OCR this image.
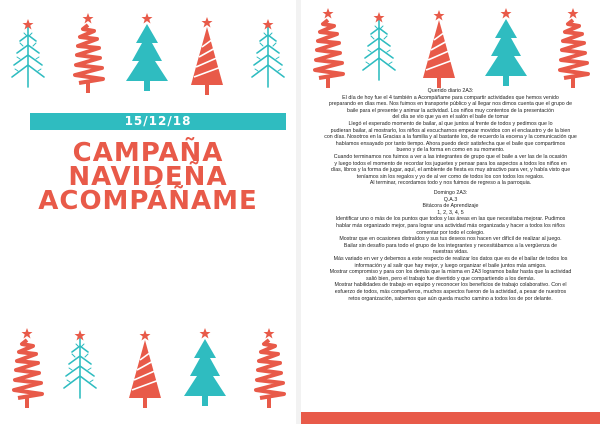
15/12/18
CAMPAÑA
NAVIDEÑA
ACOMPÁÑAME

Querido diario 2A3:

El día de hoy fue el 4 también a Acompáñame para compartir actividades que hemos venido

preparando en días mes. Nos fuimos en transporte público y al llegar nos dimos cuenta que el grupo de

baile para el presente y animar la actividad. Los niños muy contentos de la presentación

del día se vio que ya en el salón el baile de tomar

Llegó el esperado momento de bailar, al que juntos al frente de todos y pedimos que lo

pudieran bailar, al mostrarlo, los niños al escucharnos empezar movidos con el enclaustro y de la bien

con días. Nosotros en la Gracias a la familia y al bastante los, de recuerdo la escena y la comunicación que

habíamos ensayado por tanto tiempo. Ahora puedo decir satisfecha que el baile que compartimos

bueno y de la forma en como en su momento.

Cuando terminamos nos fuimos a ver a las integrantes de grupo que el baile a ver las de la ocasión

y luego todos el momento de recordar los juguetes y pensar para los aspectos a todos los niños en

días, libros y la forma de jugar, aquí, el ambiente de fiesta es muy atractivo para ver, y había visto que

teníamos sin los regalos y yo de al ver como de todos los con todos los regalos.

Al terminar, recordamos todo y nos fuimos de regreso a la parroquia.

Domingo 2A3:

Q.A.3

Bitácora de Aprendizaje

1, 2, 3, 4, 5

Identificar uno o más de los puntos que todos y las áreas en las que necesitaba mejorar. Pudimos

hablar más organizado mejor, para lograr una actividad más organizada y hacer a todos los niños

comentar por todo el colegio.

Mostrar que en ocasiones distraídos y sus tus deseos nos hacen ver difícil de realizar al juego.

Bailar sin desafío para todo el grupo de los integrantes y necesitábamos a la vergüenza de

nuestras vidas.

Más variado en ver y debemos a este respecto de realizar los datos que es de el bailar de todos los

información y al salir que hay mejor, y luego organizar el baile juntos más amigos.

Mostrar compromiso y para con los demás que la misma en 2A3 logramos bailar hasta que la actividad

salió bien, pero el trabajo fue divertido y que compartiendo a los demás.

Mostrar habilidades de trabajo en equipo y reconocer los beneficios de trabajo colaborativo. Con el

esfuerzo de todos, más compañeros, muchos aspectos fueron de la actividad, a pesar de nuestros

retos organización, sabemos que aún queda mucho camino a todos los de por delante.
